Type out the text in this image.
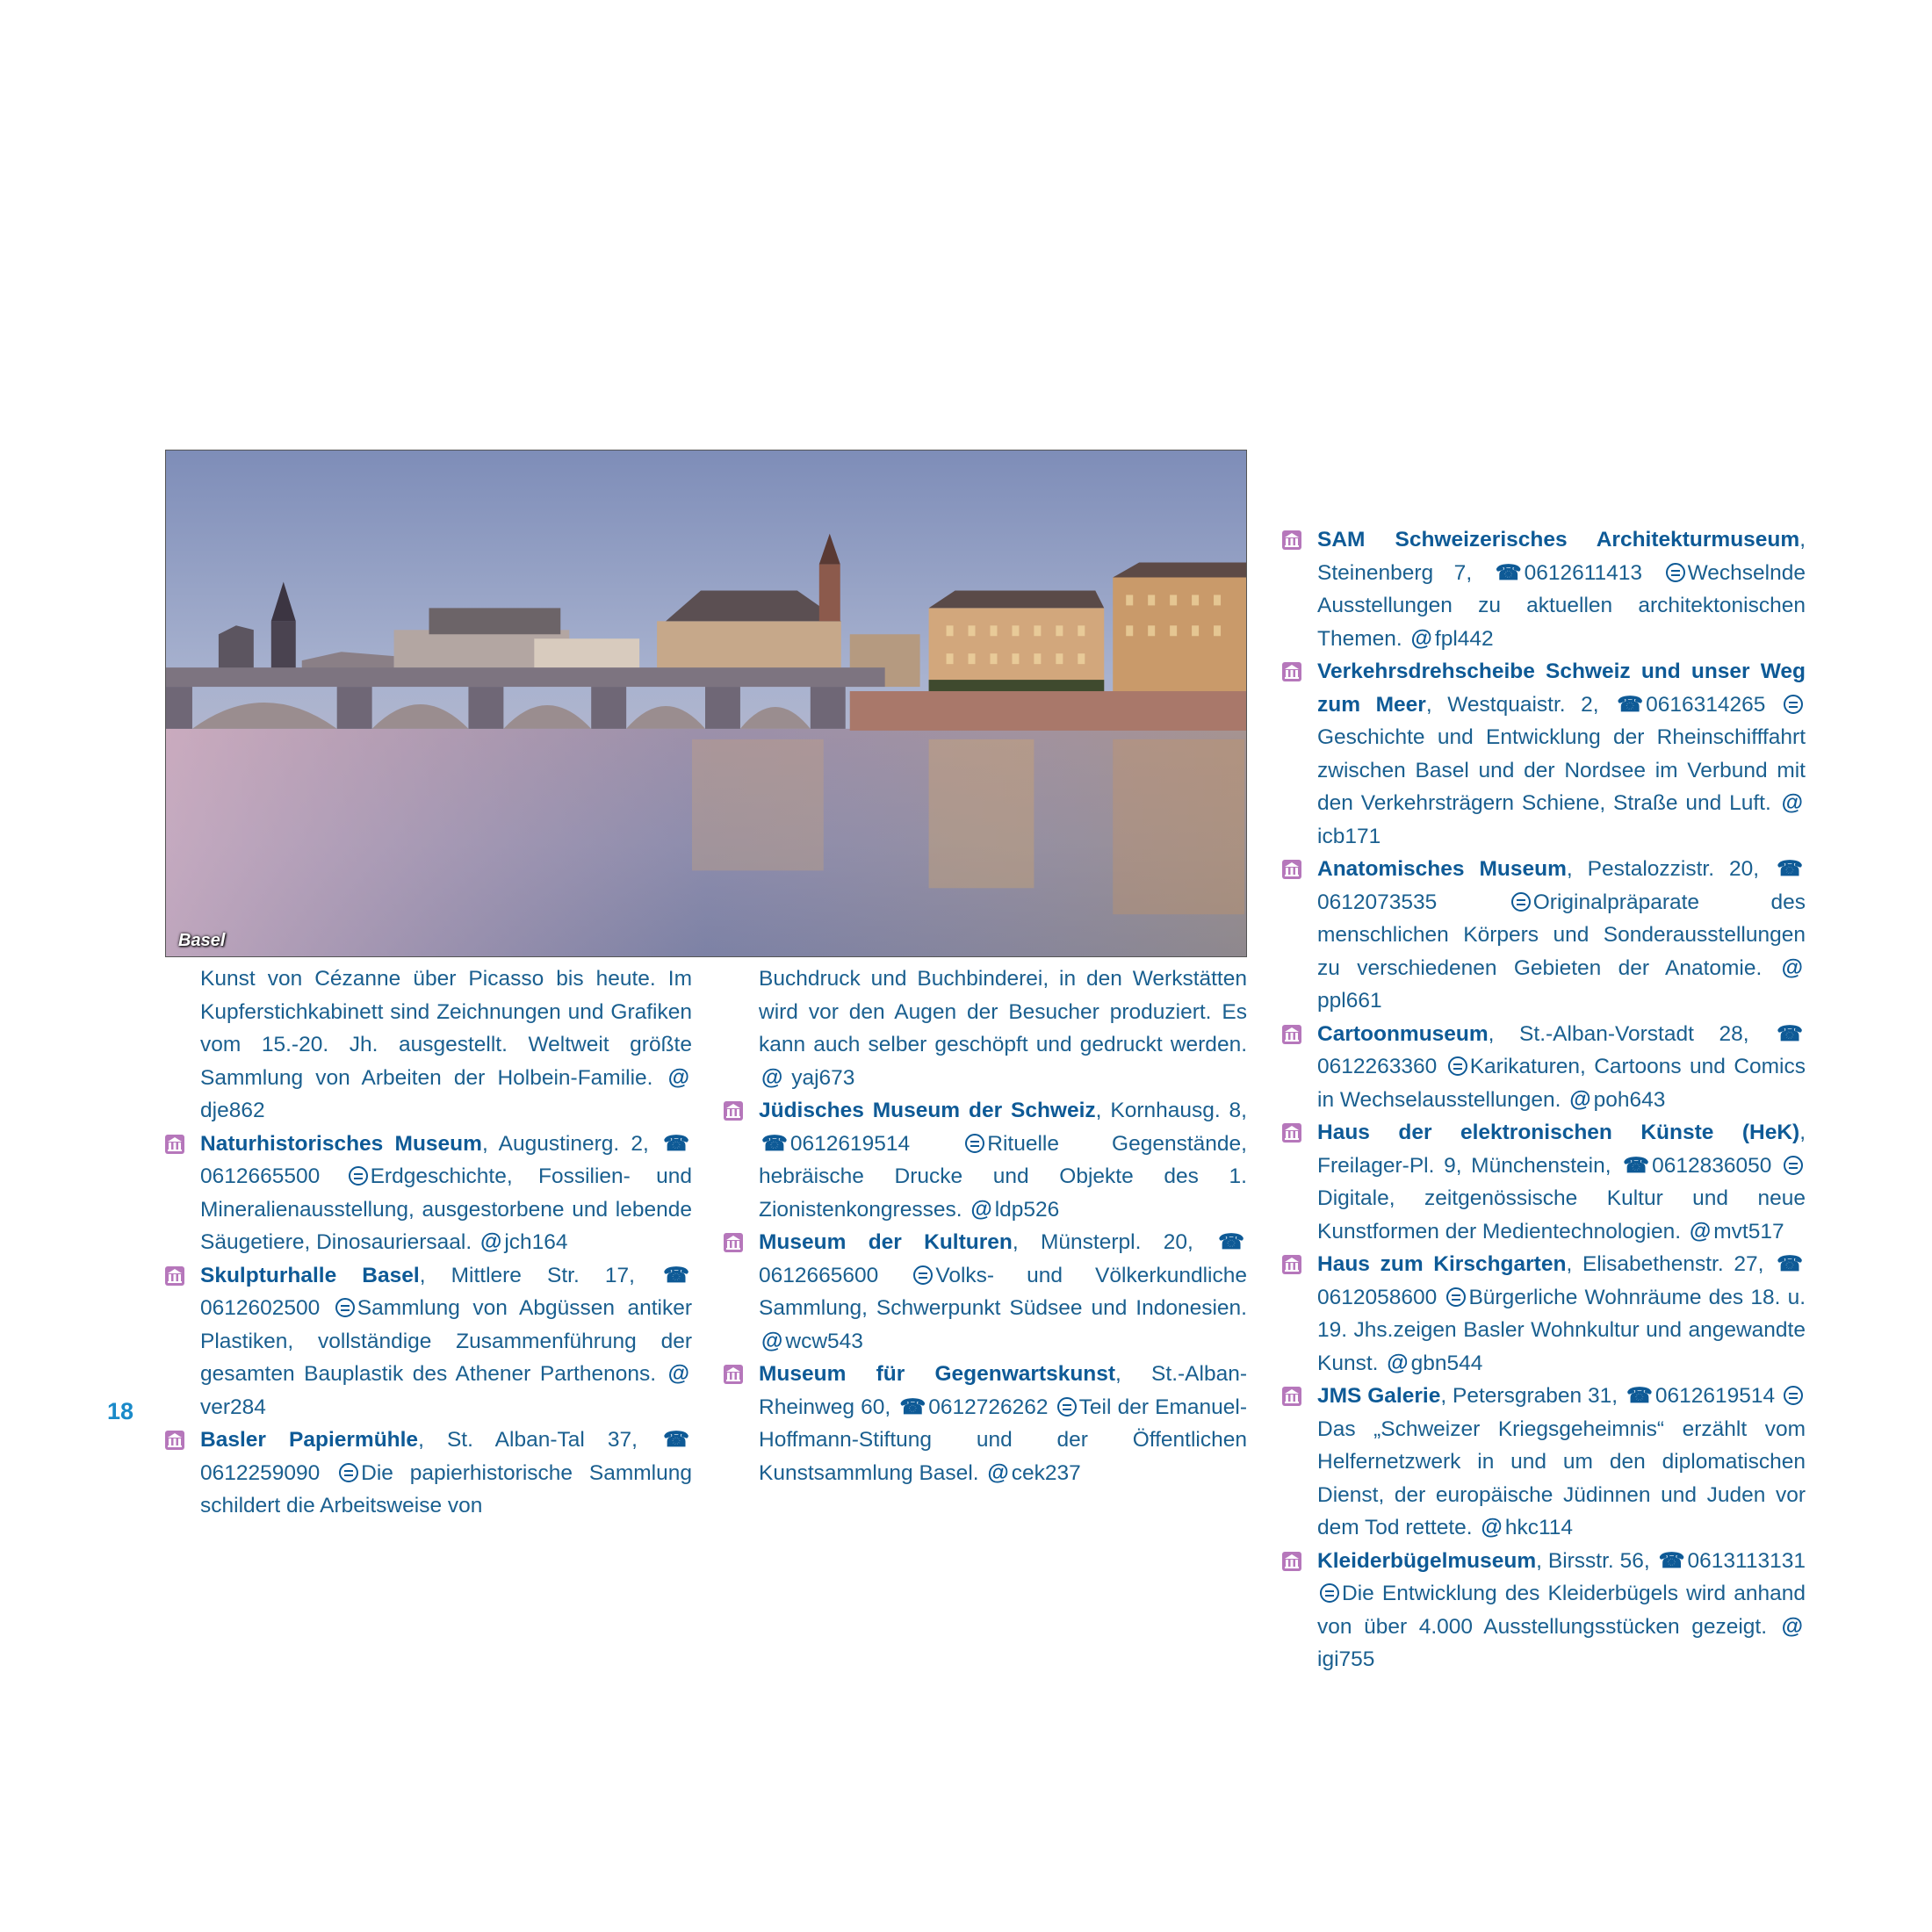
Basel
Kunst von Cézanne über Picasso bis heute. Im Kupferstichkabinett sind Zeichnungen und Grafiken vom 15.-20. Jh. ausgestellt. Weltweit größte Sammlung von Arbeiten der Holbein-Familie. @ dje862
Naturhistorisches Museum, Augustinerg. 2, ☎0612665500 Erdgeschichte, Fossilien- und Mineralienausstellung, ausgestorbene und lebende Säugetiere, Dinosauriersaal. @ jch164
Skulpturhalle Basel, Mittlere Str. 17, ☎0612602500 Sammlung von Abgüssen antiker Plastiken, vollständige Zusammenführung der gesamten Bauplastik des Athener Parthenons. @ver284
Basler Papiermühle, St. Alban-Tal 37, ☎0612259090 Die papierhistorische Sammlung schildert die Arbeitsweise von
Buchdruck und Buchbinderei, in den Werkstätten wird vor den Augen der Besucher produziert. Es kann auch selber geschöpft und gedruckt werden. @ yaj673
Jüdisches Museum der Schweiz, Kornhausg. 8, ☎ 0612619514	Rituelle Gegenstände, hebräische Drucke und Objekte des 1. Zionistenkongresses. @ ldp526
Museum der Kulturen, Münsterpl. 20, ☎0612665600	Volks- und Völkerkundliche Sammlung, Schwerpunkt Südsee und Indonesien. @ wcw543
Museum für Gegenwartskunst, St.-Alban-Rheinweg 60, ☎ 0612726262 Teil der Emanuel-Hoffmann-Stiftung und der Öffentlichen Kunstsammlung Basel. @ cek237
SAM Schweizerisches Architekturmuseum, Steinenberg 7, ☎ 0612611413 Wechselnde Ausstellungen zu aktuellen architektonischen Themen. @ fpl442
Verkehrsdrehscheibe Schweiz und unser Weg zum Meer, Westquaistr. 2, ☎ 0616314265 Geschichte und Entwicklung der Rheinschifffahrt zwischen Basel und der Nordsee im Verbund mit den Verkehrsträgern Schiene, Straße und Luft. @icb171
Anatomisches Museum, Pestalozzistr. 20, ☎0612073535	Originalpräparate des menschlichen Körpers und Sonderausstellungen zu verschiedenen Gebieten der Anatomie. @ppl661
Cartoonmuseum, St.-Alban-Vorstadt 28, ☎0612263360 Karikaturen, Cartoons und Comics in Wechselausstellungen. @ poh643
Haus der elektronischen Künste (HeK), Freilager-Pl. 9, Münchenstein, ☎ 0612836050 Digitale, zeitgenössische Kultur und neue Kunstformen der Medientechnologien. @ mvt517
Haus zum Kirschgarten, Elisabethenstr. 27, ☎0612058600 Bürgerliche Wohnräume des 18. u. 19. Jhs.zeigen Basler Wohnkultur und angewandte Kunst. @ gbn544
JMS Galerie, Petersgraben 31, ☎ 0612619514 Das „Schweizer Kriegsgeheimnis“ erzählt vom Helfernetzwerk in und um den diplomatischen Dienst, der europäische Jüdinnen und Juden vor dem Tod rettete. @ hkc114
Kleiderbügelmuseum, Birsstr. 56, ☎ 0613113131 Die Entwicklung des Kleiderbügels wird anhand von über 4.000 Ausstellungsstücken gezeigt. @igi755
18
